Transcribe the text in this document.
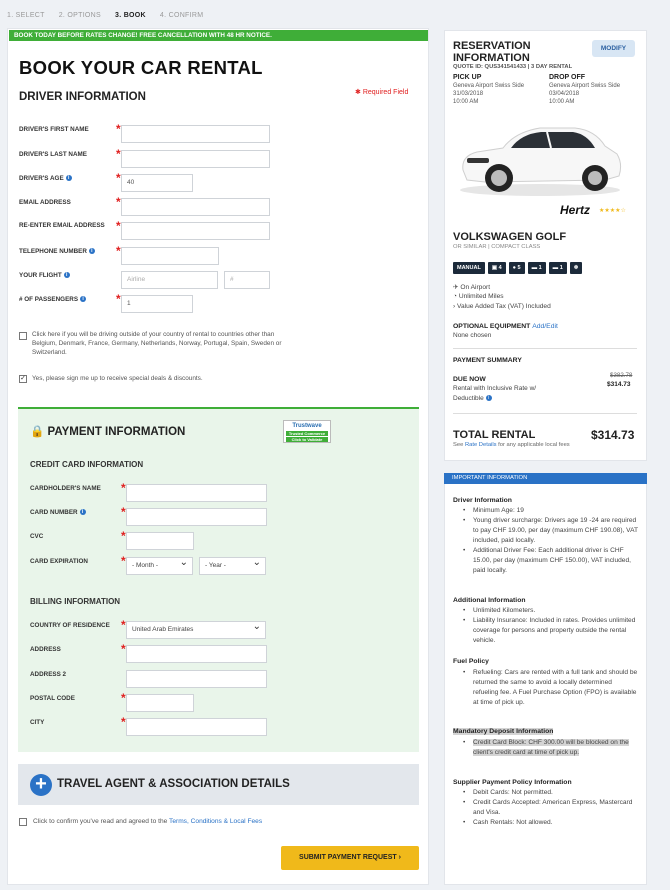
1. SELECT 2. OPTIONS 3. BOOK 4. CONFIRM
BOOK TODAY BEFORE RATES CHANGE! FREE CANCELLATION WITH 48 HR NOTICE.
BOOK YOUR CAR RENTAL
DRIVER INFORMATION	✱ Required Field
DRIVER'S FIRST NAME	*
DRIVER'S LAST NAME	*
DRIVER'S AGE i	* 40
EMAIL ADDRESS	*
RE-ENTER EMAIL ADDRESS *
TELEPHONE NUMBER i	*
YOUR FLIGHT i
Airline	#
# OF PASSENGERS i	* 1
Click here if you will be driving outside of your country of rental to countries other than Belgium, Denmark, France, Germany, Netherlands, Norway, Portugal, Spain, Sweden or Switzerland.
✓ Yes, please sign me up to receive special deals & discounts.
🔒 PAYMENT INFORMATION	Trustwave
Trusted Commerce
Click to Validate
CREDIT CARD INFORMATION
CARDHOLDER'S NAME	*
CARD NUMBER i	*
CVC	*
CARD EXPIRATION	* - Month - ⌄	- Year - ⌄
BILLING INFORMATION
COUNTRY OF RESIDENCE * United Arab Emirates ⌄
ADDRESS	*
ADDRESS 2
POSTAL CODE	*
CITY	*
+ TRAVEL AGENT & ASSOCIATION DETAILS
Click to confirm you've read and agreed to the Terms, Conditions & Local Fees
SUBMIT PAYMENT REQUEST ›
RESERVATION INFORMATION
MODIFY
QUOTE ID: QUS341541433 | 3 DAY RENTAL
PICK UP
Geneva Airport Swiss Side
31/03/2018
10:00 AM
DROP OFF
Geneva Airport Swiss Side
03/04/2018
10:00 AM
Hertz ★★★★☆
VOLKSWAGEN GOLF
OR SIMILAR | COMPACT CLASS
MANUAL	▣ 4	● 5	▬ 1	▬ 1	❄
✈ On Airport
◔ Unlimited Miles
› Value Added Tax (VAT) Included
OPTIONAL EQUIPMENT Add/Edit
None chosen
PAYMENT SUMMARY
DUE NOW
Rental with Inclusive Rate w/ Deductible i
$382.78
$314.73
TOTAL RENTAL	$314.73
See Rate Details for any applicable local fees
IMPORTANT INFORMATION
Driver Information
• Minimum Age: 19
• Young driver surcharge: Drivers age 19 -24 are required to pay CHF 19.00, per day (maximum CHF 190.08), VAT included, paid locally.
• Additional Driver Fee: Each additional driver is CHF 15.00, per day (maximum CHF 150.00), VAT included, paid locally.
Additional Information
• Unlimited Kilometers.
• Liability Insurance: Included in rates. Provides unlimited coverage for persons and property outside the rental vehicle.
Fuel Policy
• Refueling: Cars are rented with a full tank and should be returned the same to avoid a locally determined refueling fee. A Fuel Purchase Option (FPO) is available at time of pick up.
Mandatory Deposit Information
• Credit Card Block: CHF 300.00 will be blocked on the client's credit card at time of pick up.
Supplier Payment Policy Information
• Debit Cards: Not permitted.
• Credit Cards Accepted: American Express, Mastercard and Visa.
• Cash Rentals: Not allowed.
